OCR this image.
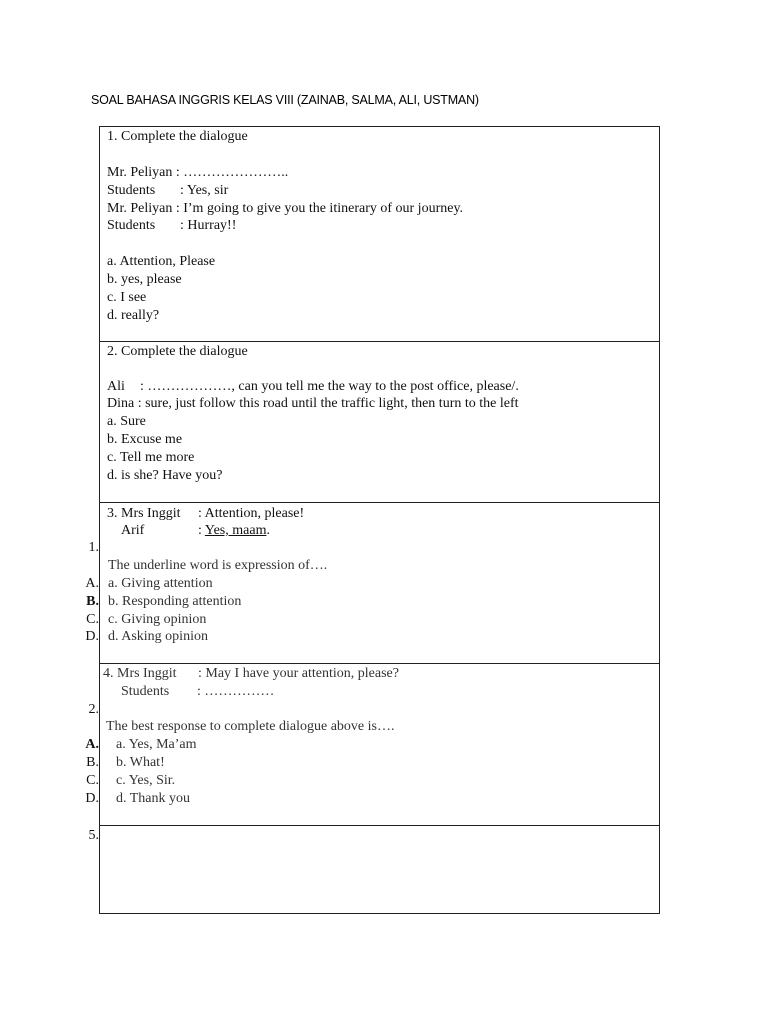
SOAL BAHASA INGGRIS KELAS VIII (ZAINAB, SALMA, ALI, USTMAN)
1. Complete the dialogue
Mr. Peliyan : …………………..
Students : Yes, sir
Mr. Peliyan : I’m going to give you the itinerary of our journey.
Students : Hurray!!
a. Attention, Please
b. yes, please
c. I see
d. really?
2. Complete the dialogue
Ali : ………………, can you tell me the way to the post office, please/.
Dina : sure, just follow this road until the traffic light, then turn to the left
a. Sure
b. Excuse me
c. Tell me more
d. is she? Have you?
3. Mrs Inggit : Attention, please!
Arif	: Yes, maam.
The underline word is expression of….
a. Giving attention
b. Responding attention
c. Giving opinion
d. Asking opinion
4. Mrs Inggit : May I have your attention, please?
Students : ……………
The best response to complete dialogue above is….
a. Yes, Ma’am
b. What!
c. Yes, Sir.
d. Thank you
1.
A.
B.
C.
D.
2.
A.
B.
C.
D.
5.
